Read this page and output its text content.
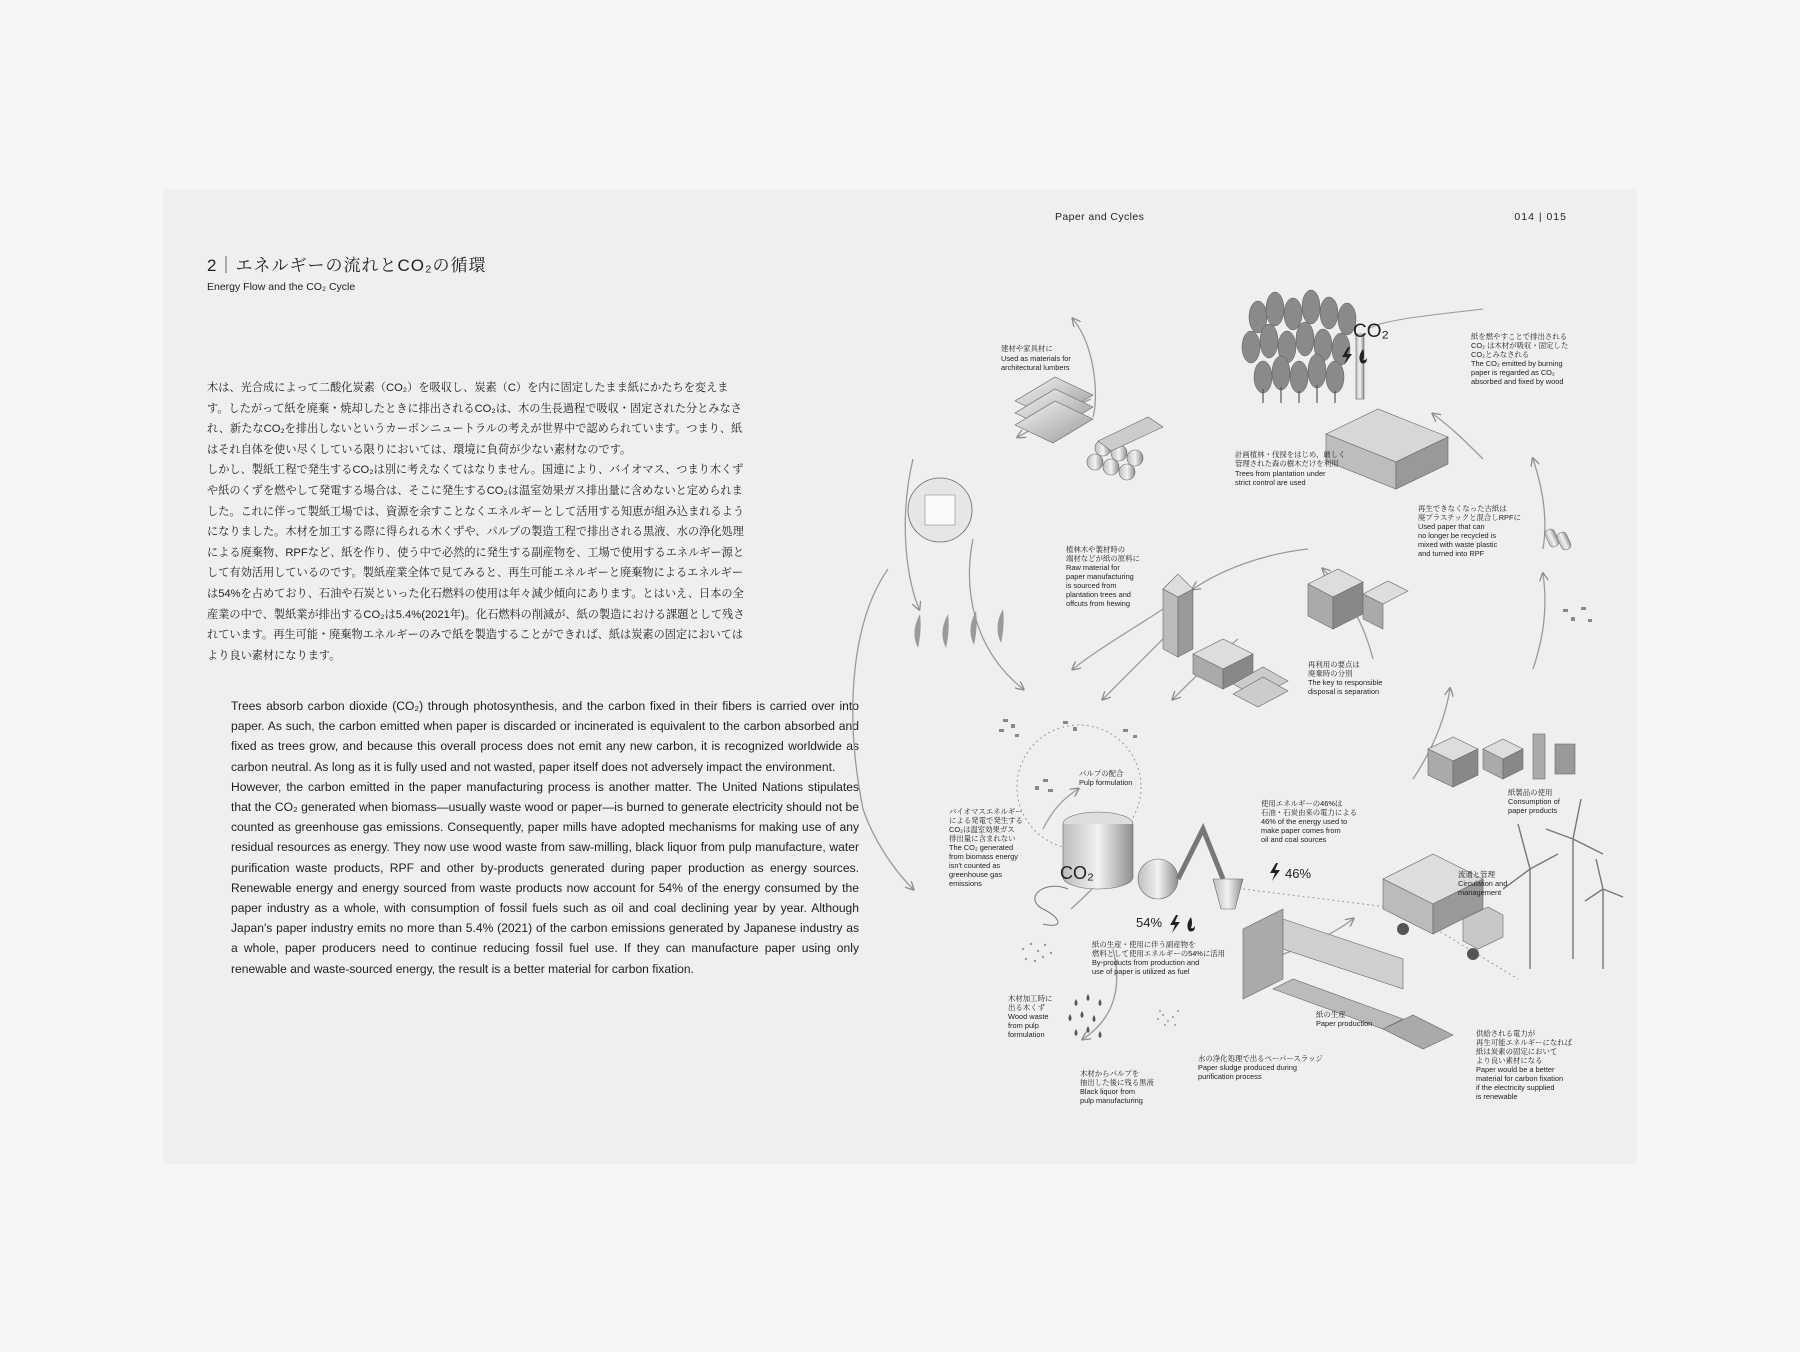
Paper and Cycles	014 | 015
2｜エネルギーの流れとCO₂の循環
Energy Flow and the CO₂ Cycle

木は、光合成によって二酸化炭素（CO₂）を吸収し、炭素（C）を内に固定したまま紙にかたちを変えます。したがって紙を廃棄・焼却したときに排出されるCO₂は、木の生長過程で吸収・固定された分とみなされ、新たなCO₂を排出しないというカーボンニュートラルの考えが世界中で認められています。つまり、紙はそれ自体を使い尽くしている限りにおいては、環境に負荷が少ない素材なのです。

しかし、製紙工程で発生するCO₂は別に考えなくてはなりません。国連により、バイオマス、つまり木くずや紙のくずを燃やして発電する場合は、そこに発生するCO₂は温室効果ガス排出量に含めないと定められました。これに伴って製紙工場では、資源を余すことなくエネルギーとして活用する知恵が組み込まれるようになりました。木材を加工する際に得られる木くずや、パルプの製造工程で排出される黒液、水の浄化処理による廃棄物、RPFなど、紙を作り、使う中で必然的に発生する副産物を、工場で使用するエネルギー源として有効活用しているのです。製紙産業全体で見てみると、再生可能エネルギーと廃棄物によるエネルギーは54%を占めており、石油や石炭といった化石燃料の使用は年々減少傾向にあります。とはいえ、日本の全産業の中で、製紙業が排出するCO₂は5.4%(2021年)。化石燃料の削減が、紙の製造における課題として残されています。再生可能・廃棄物エネルギーのみで紙を製造することができれば、紙は炭素の固定においてはより良い素材になります。

Trees absorb carbon dioxide (CO₂) through photosynthesis, and the carbon fixed in their fibers is carried over into paper. As such, the carbon emitted when paper is discarded or incinerated is equivalent to the carbon absorbed and fixed as trees grow, and because this overall process does not emit any new carbon, it is recognized worldwide as carbon neutral. As long as it is fully used and not wasted, paper itself does not adversely impact the environment.

However, the carbon emitted in the paper manufacturing process is another matter. The United Nations stipulates that the CO₂ generated when biomass—usually waste wood or paper—is burned to generate electricity should not be counted as greenhouse gas emissions. Consequently, paper mills have adopted mechanisms for making use of any residual resources as energy. They now use wood waste from saw-milling, black liquor from pulp manufacture, water purification waste products, RPF and other by-products generated during paper production as energy sources. Renewable energy and energy sourced from waste products now account for 54% of the energy consumed by the paper industry as a whole, with consumption of fossil fuels such as oil and coal declining year by year. Although Japan's paper industry emits no more than 5.4% (2021) of the carbon emissions generated by Japanese industry as a whole, paper producers need to continue reducing fossil fuel use. If they can manufacture paper using only renewable and waste-sourced energy, the result is a better material for carbon fixation.

CO₂
CO₂
54%
46%
建材や家具材に Used as materials for architectural lumbers
計画植林・伐採をはじめ、厳しく 管理された森の樹木だけを利用 Trees from plantation under strict control are used
紙を燃やすことで排出される CO₂ は木材が吸収・固定した CO₂とみなされる The CO₂ emitted by burning paper is regarded as CO₂ absorbed and fixed by wood
再生できなくなった古紙は 廃プラスチックと混合しRPFに Used paper that can no longer be recycled is mixed with waste plastic and turned into RPF
植林木や製材時の 端材などが紙の原料に Raw material for paper manufacturing is sourced from plantation trees and offcuts from hewing
再利用の要点は 廃棄時の分別 The key to responsible disposal is separation
パルプの配合 Pulp formulation
バイオマスエネルギー による発電で発生する CO₂は温室効果ガス 排出量に含まれない The CO₂ generated from biomass energy isn't counted as greenhouse gas emissions
使用エネルギーの46%は 石油・石炭由来の電力による 46% of the energy used to make paper comes from oil and coal sources
紙製品の使用 Consumption of paper products
流通と管理 Circulation and management
紙の生産・使用に伴う副産物を 燃料として使用エネルギーの54%に活用 By-products from production and use of paper is utilized as fuel
木材加工時に 出る木くず Wood waste from pulp formulation
紙の生産 Paper production
水の浄化処理で出るペーパースラッジ Paper sludge produced during purification process
木材からパルプを 抽出した後に残る黒液 Black liquor from pulp manufacturing
供給される電力が 再生可能エネルギーになれば 紙は炭素の固定において より良い素材になる Paper would be a better material for carbon fixation if the electricity supplied is renewable
